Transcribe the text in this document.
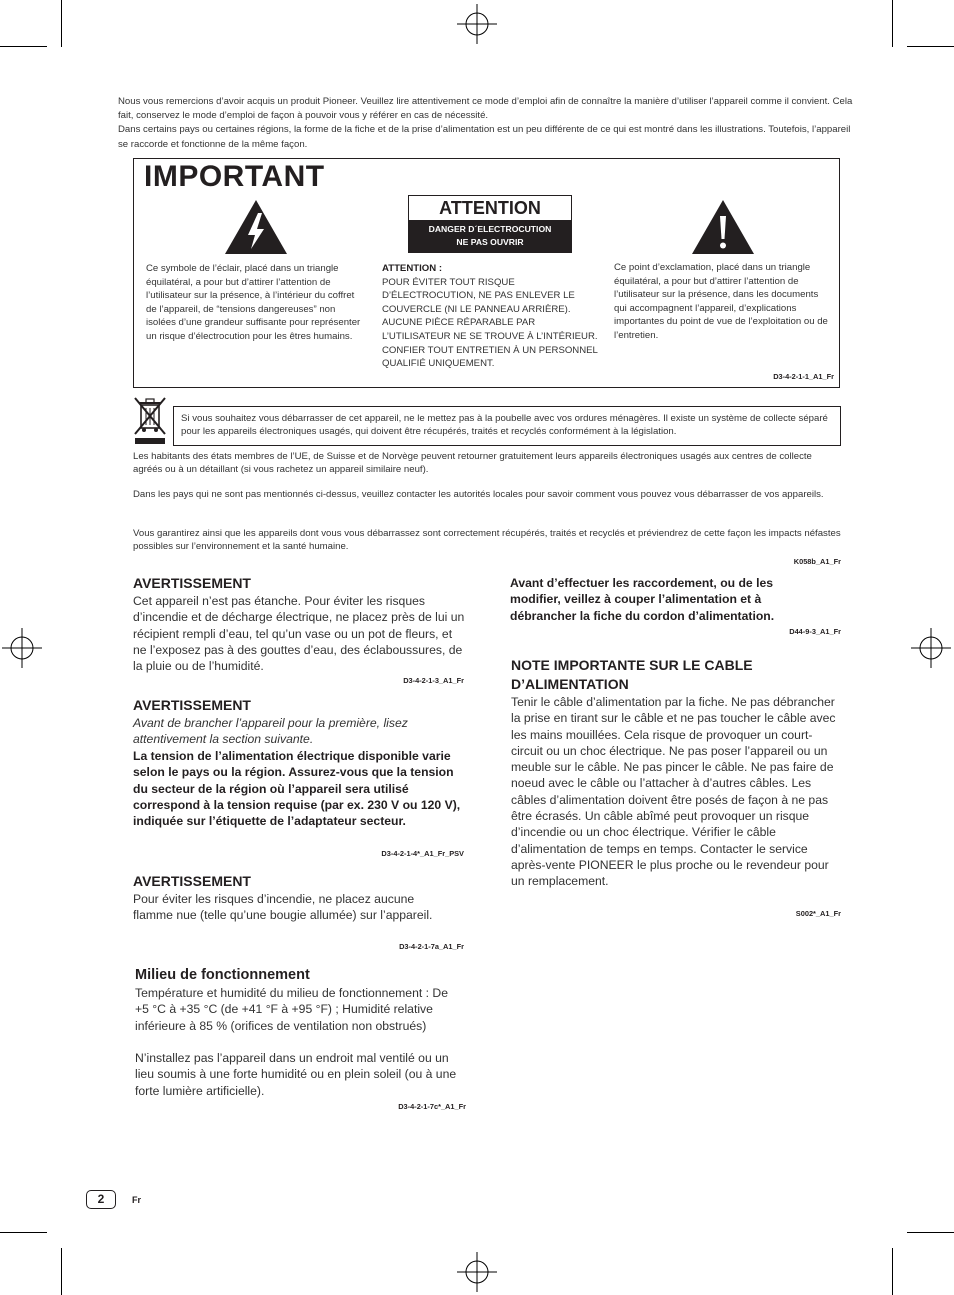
Nous vous remercions d’avoir acquis un produit Pioneer. Veuillez lire attentivement ce mode d’emploi afin de connaître la manière d’utiliser l’appareil comme il convient. Cela fait, conservez le mode d’emploi de façon à pouvoir vous y référer en cas de nécessité.

Dans certains pays ou certaines régions, la forme de la fiche et de la prise d’alimentation est un peu différente de ce qui est montré dans les illustrations. Toutefois, l’appareil se raccorde et fonctionne de la même façon.

IMPORTANT
Ce symbole de l’éclair, placé dans un triangle équilatéral, a pour but d’attirer l’attention de l’utilisateur sur la présence, à l’intérieur du coffret de l’appareil, de “tensions dangereuses” non isolées d’une grandeur suffisante pour représenter un risque d’électrocution pour les êtres humains.
ATTENTION
DANGER D´ELECTROCUTION
NE PAS OUVRIR
ATTENTION :
POUR ÉVITER TOUT RISQUE D’ÉLECTROCUTION, NE PAS ENLEVER LE COUVERCLE (NI LE PANNEAU ARRIÈRE). AUCUNE PIÈCE RÉPARABLE PAR L’UTILISATEUR NE SE TROUVE À L’INTÉRIEUR. CONFIER TOUT ENTRETIEN À UN PERSONNEL QUALIFIÉ UNIQUEMENT.
Ce point d’exclamation, placé dans un triangle équilatéral, a pour but d’attirer l’attention de l’utilisateur sur la présence, dans les documents qui accompagnent l’appareil, d’explications importantes du point de vue de l’exploitation ou de l’entretien.
D3-4-2-1-1_A1_Fr
Si vous souhaitez vous débarrasser de cet appareil, ne le mettez pas à la poubelle avec vos ordures ménagères. Il existe un système de collecte séparé pour les appareils électroniques usagés, qui doivent être récupérés, traités et recyclés conformément à la législation.
Les habitants des états membres de l’UE, de Suisse et de Norvège peuvent retourner gratuitement leurs appareils électroniques usagés aux centres de collecte agréés ou à un détaillant (si vous rachetez un appareil similaire neuf).
Dans les pays qui ne sont pas mentionnés ci-dessus, veuillez contacter les autorités locales pour savoir comment vous pouvez vous débarrasser de vos appareils.
Vous garantirez ainsi que les appareils dont vous vous débarrassez sont correctement récupérés, traités et recyclés et préviendrez de cette façon les impacts néfastes possibles sur l’environnement et la santé humaine.
K058b_A1_Fr
AVERTISSEMENT
Cet appareil n’est pas étanche. Pour éviter les risques d’incendie et de décharge électrique, ne placez près de lui un récipient rempli d’eau, tel qu’un vase ou un pot de fleurs, et ne l’exposez pas à des gouttes d’eau, des éclaboussures, de la pluie ou de l’humidité.
D3-4-2-1-3_A1_Fr
AVERTISSEMENT
Avant de brancher l’appareil pour la première, lisez attentivement la section suivante.
La tension de l’alimentation électrique disponible varie selon le pays ou la région. Assurez-vous que la tension du secteur de la région où l’appareil sera utilisé correspond à la tension requise (par ex. 230 V ou 120 V), indiquée sur l’étiquette de l’adaptateur secteur.
D3-4-2-1-4*_A1_Fr_PSV
AVERTISSEMENT
Pour éviter les risques d’incendie, ne placez aucune flamme nue (telle qu’une bougie allumée) sur l’appareil.
D3-4-2-1-7a_A1_Fr
Milieu de fonctionnement
Température et humidité du milieu de fonctionnement : De +5 °C à +35 °C (de +41 °F à +95 °F) ; Humidité relative inférieure à 85 % (orifices de ventilation non obstrués)
N’installez pas l’appareil dans un endroit mal ventilé ou un lieu soumis à une forte humidité ou en plein soleil (ou à une forte lumière artificielle).
D3-4-2-1-7c*_A1_Fr
Avant d’effectuer les raccordement, ou de les modifier, veillez à couper l’alimentation et à débrancher la fiche du cordon d’alimentation.
D44-9-3_A1_Fr
NOTE IMPORTANTE SUR LE CABLE
D’ALIMENTATION
Tenir le câble d’alimentation par la fiche. Ne pas débrancher la prise en tirant sur le câble et ne pas toucher le câble avec les mains mouillées. Cela risque de provoquer un court-circuit ou un choc électrique. Ne pas poser l’appareil ou un meuble sur le câble. Ne pas pincer le câble. Ne pas faire de noeud avec le câble ou l’attacher à d’autres câbles. Les câbles d’alimentation doivent être posés de façon à ne pas être écrasés. Un câble abîmé peut provoquer un risque d’incendie ou un choc électrique. Vérifier le câble d’alimentation de temps en temps. Contacter le service après-vente PIONEER le plus proche ou le revendeur pour un remplacement.
S002*_A1_Fr
2	Fr
